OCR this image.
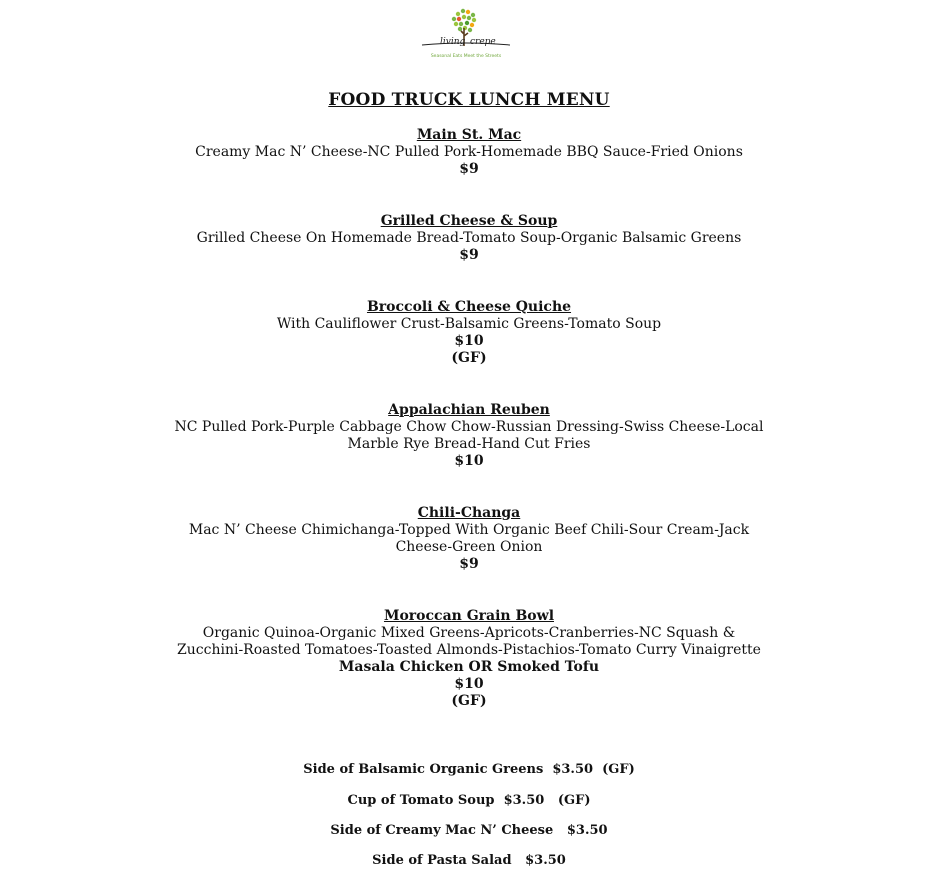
living crepe
Seasonal Eats Meet the Streets
FOOD TRUCK LUNCH MENU
Main St. Mac
Creamy Mac N’ Cheese-NC Pulled Pork-Homemade BBQ Sauce-Fried Onions
$9
Grilled Cheese & Soup
Grilled Cheese On Homemade Bread-Tomato Soup-Organic Balsamic Greens
$9
Broccoli & Cheese Quiche
With Cauliflower Crust-Balsamic Greens-Tomato Soup
$10
(GF)
Appalachian Reuben
NC Pulled Pork-Purple Cabbage Chow Chow-Russian Dressing-Swiss Cheese-Local
Marble Rye Bread-Hand Cut Fries
$10
Chili-Changa
Mac N’ Cheese Chimichanga-Topped With Organic Beef Chili-Sour Cream-Jack
Cheese-Green Onion
$9
Moroccan Grain Bowl
Organic Quinoa-Organic Mixed Greens-Apricots-Cranberries-NC Squash &
Zucchini-Roasted Tomatoes-Toasted Almonds-Pistachios-Tomato Curry Vinaigrette
Masala Chicken OR Smoked Tofu
$10
(GF)
Side of Balsamic Organic Greens  $3.50  (GF)
Cup of Tomato Soup  $3.50   (GF)
Side of Creamy Mac N’ Cheese   $3.50
Side of Pasta Salad   $3.50
